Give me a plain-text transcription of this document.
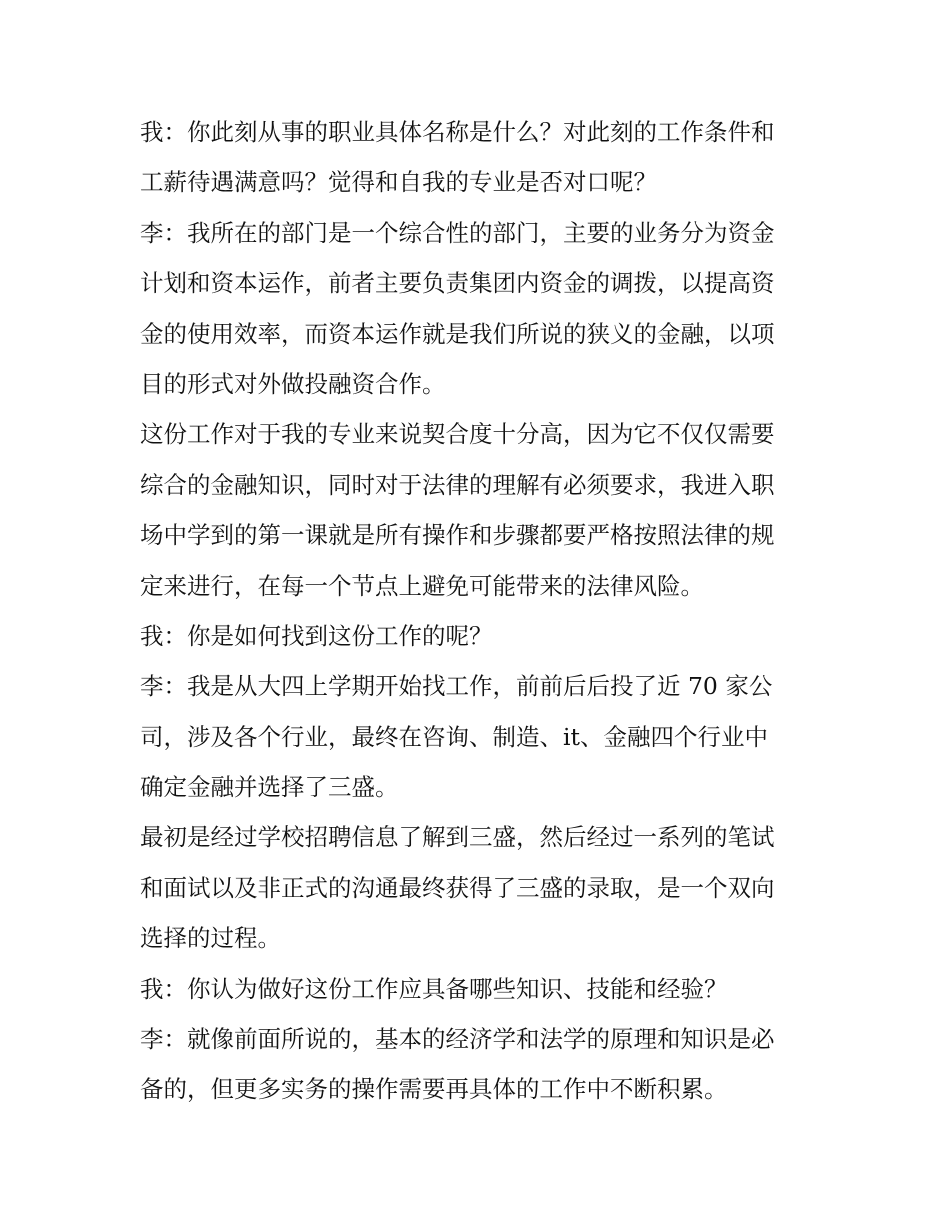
我：你此刻从事的职业具体名称是什么？对此刻的工作条件和
工薪待遇满意吗？觉得和自我的专业是否对口呢？
李：我所在的部门是一个综合性的部门，主要的业务分为资金
计划和资本运作，前者主要负责集团内资金的调拨，以提高资
金的使用效率，而资本运作就是我们所说的狭义的金融，以项
目的形式对外做投融资合作。
这份工作对于我的专业来说契合度十分高，因为它不仅仅需要
综合的金融知识，同时对于法律的理解有必须要求，我进入职
场中学到的第一课就是所有操作和步骤都要严格按照法律的规
定来进行，在每一个节点上避免可能带来的法律风险。
我：你是如何找到这份工作的呢？
李：我是从大四上学期开始找工作，前前后后投了近 70 家公
司，涉及各个行业，最终在咨询、制造、it、金融四个行业中
确定金融并选择了三盛。
最初是经过学校招聘信息了解到三盛，然后经过一系列的笔试
和面试以及非正式的沟通最终获得了三盛的录取，是一个双向
选择的过程。
我：你认为做好这份工作应具备哪些知识、技能和经验？
李：就像前面所说的，基本的经济学和法学的原理和知识是必
备的，但更多实务的操作需要再具体的工作中不断积累。
